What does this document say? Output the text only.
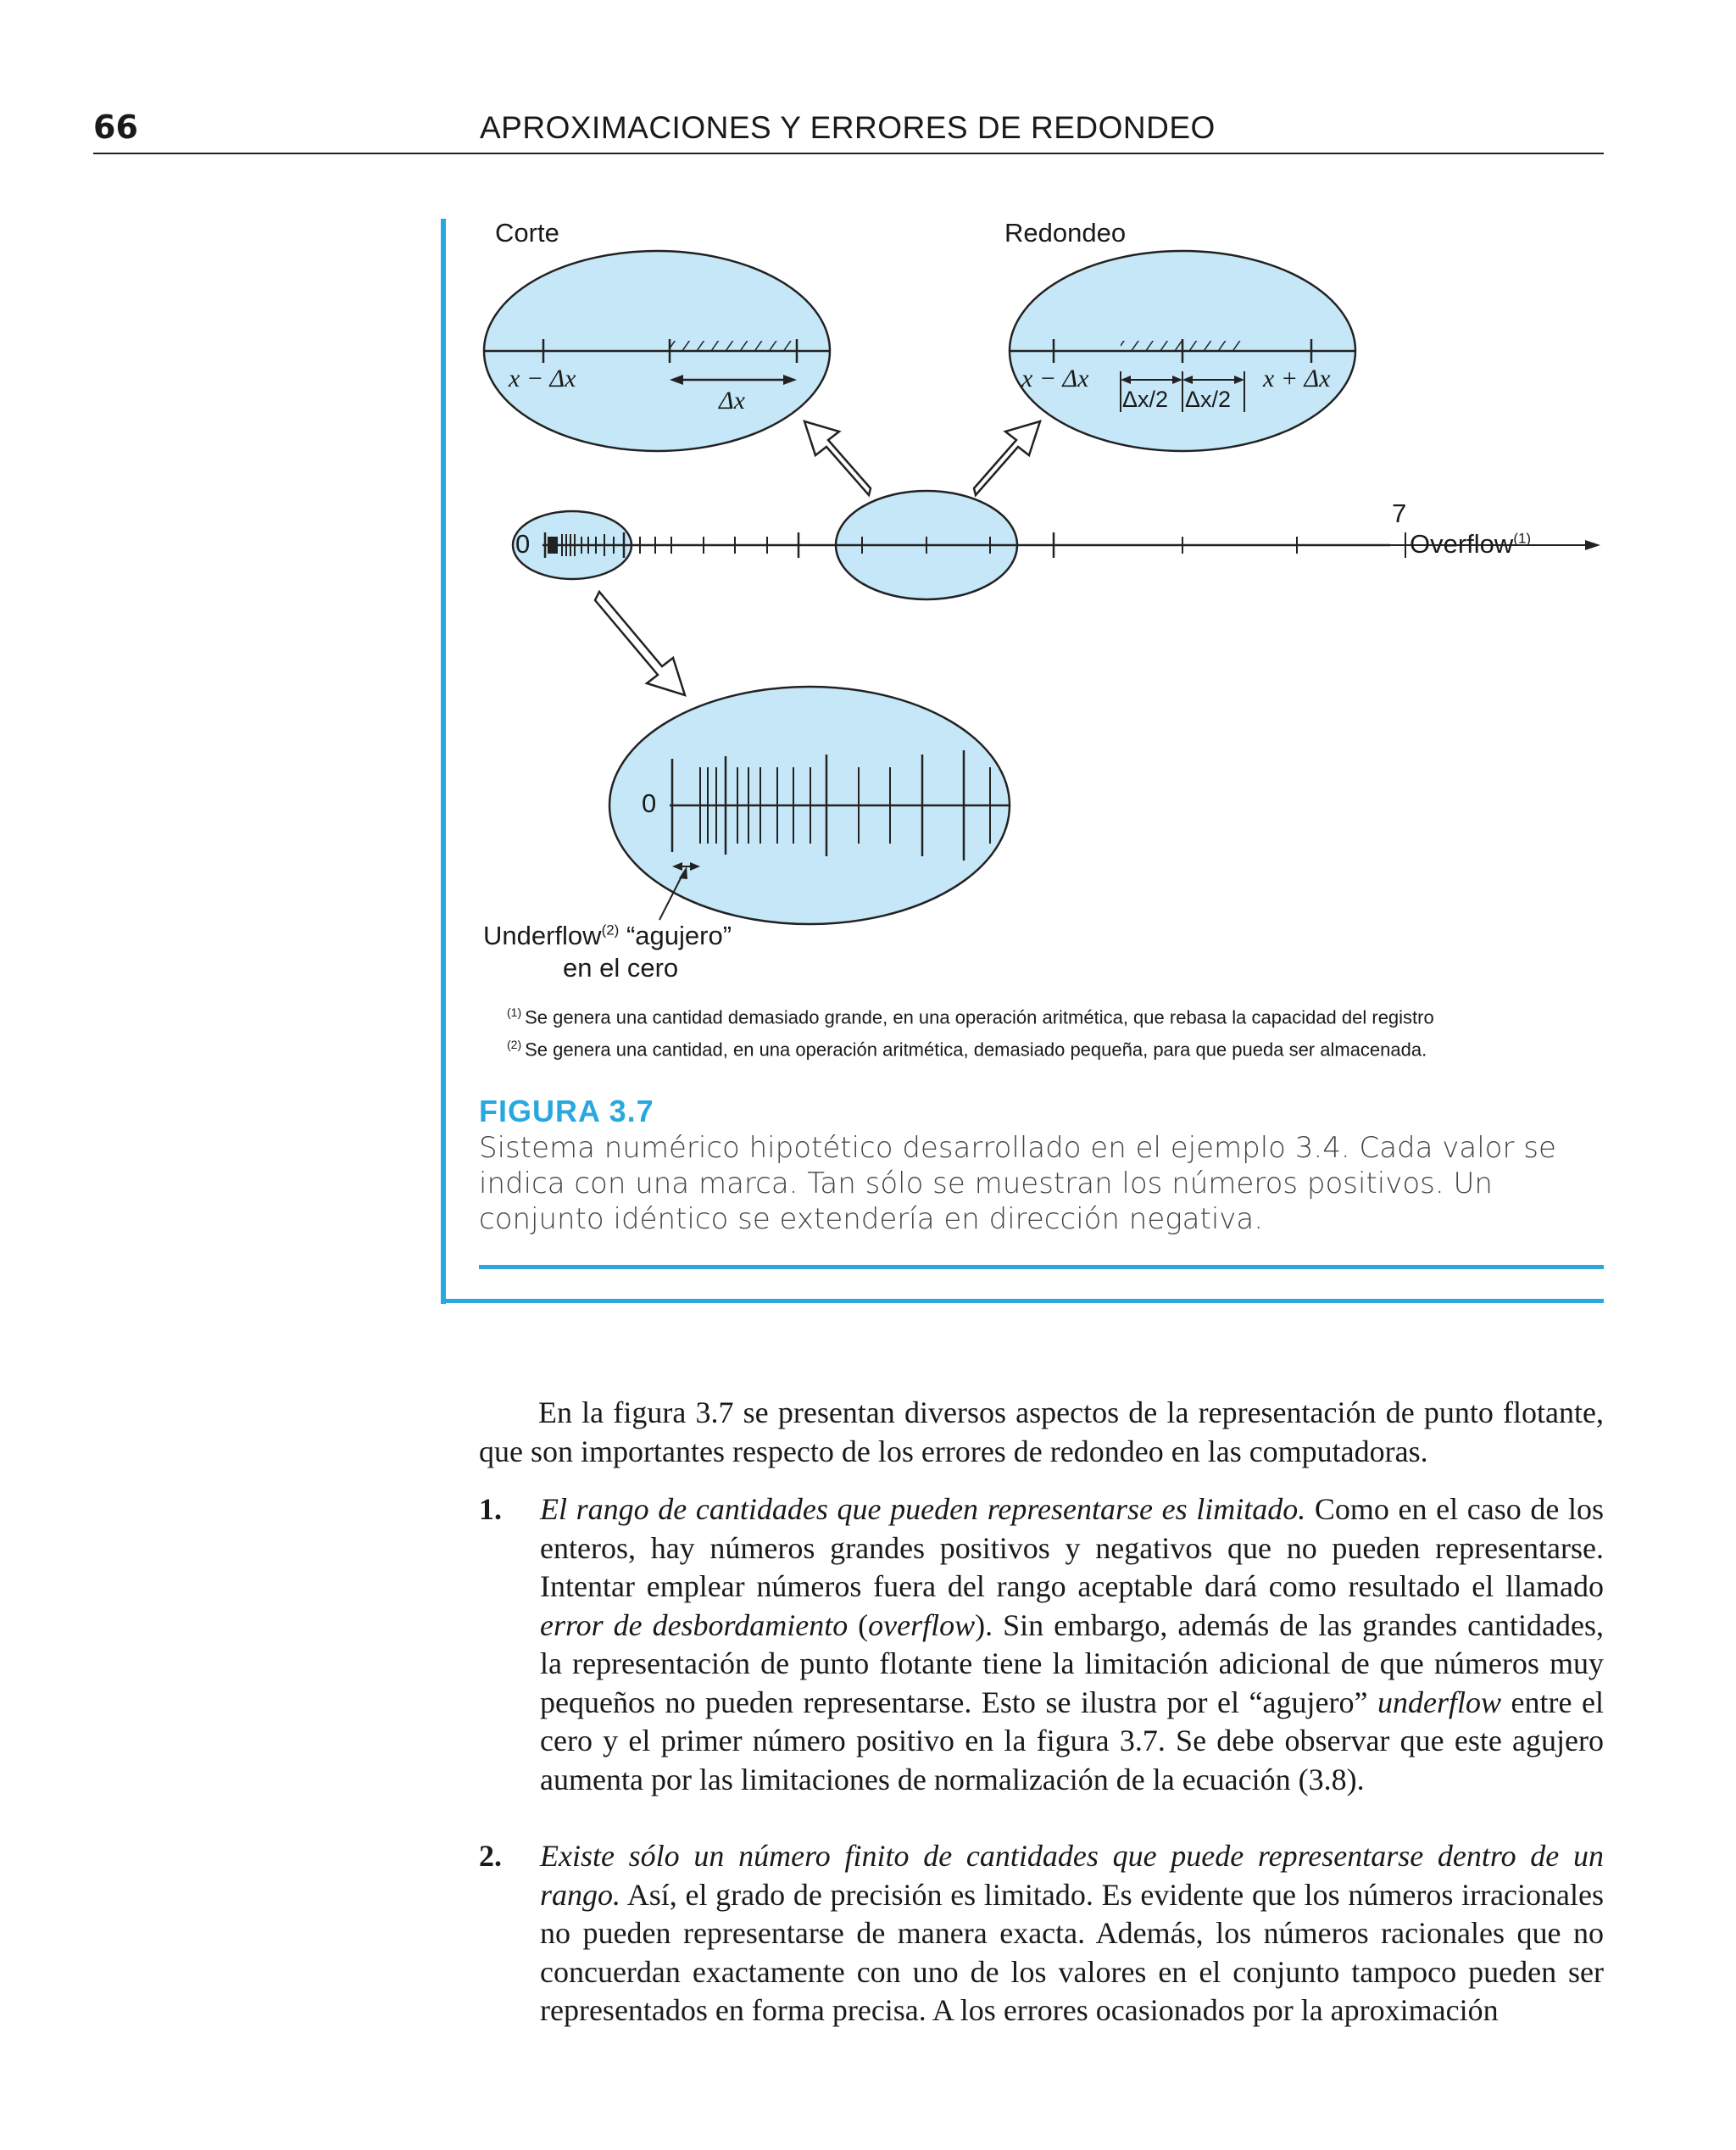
66	APROXIMACIONES Y ERRORES DE REDONDEO
Corte	Redondeo
x − Δx
Δx
x − Δx	x + Δx
Δx/2 Δx/2
0
7
Overflow$^{(1)}$
0
Underflow$^{(2)}$ “agujero”
en el cero
$^{(1)}$ Se genera una cantidad demasiado grande, en una operación aritmética, que rebasa la capacidad del registro
$^{(2)}$ Se genera una cantidad, en una operación aritmética, demasiado pequeña, para que pueda ser almacenada.
FIGURA 3.7
Sistema numérico hipotético desarrollado en el ejemplo 3.4. Cada valor se indica con una marca. Tan sólo se muestran los números positivos. Un conjunto idéntico se extendería en dirección negativa.
En la figura 3.7 se presentan diversos aspectos de la representación de punto flotante, que son importantes respecto de los errores de redondeo en las computadoras.
1. El rango de cantidades que pueden representarse es limitado. Como en el caso de los enteros, hay números grandes positivos y negativos que no pueden representarse. Intentar emplear números fuera del rango aceptable dará como resultado el llamado error de desbordamiento (overflow). Sin embargo, además de las grandes cantidades, la representación de punto flotante tiene la limitación adicional de que números muy pequeños no pueden representarse. Esto se ilustra por el “agujero” underflow entre el cero y el primer número positivo en la figura 3.7. Se debe observar que este agujero aumenta por las limitaciones de normalización de la ecuación (3.8).
2. Existe sólo un número finito de cantidades que puede representarse dentro de un rango. Así, el grado de precisión es limitado. Es evidente que los números irracionales no pueden representarse de manera exacta. Además, los números racionales que no concuerdan exactamente con uno de los valores en el conjunto tampoco pueden ser representados en forma precisa. A los errores ocasionados por la aproximación
